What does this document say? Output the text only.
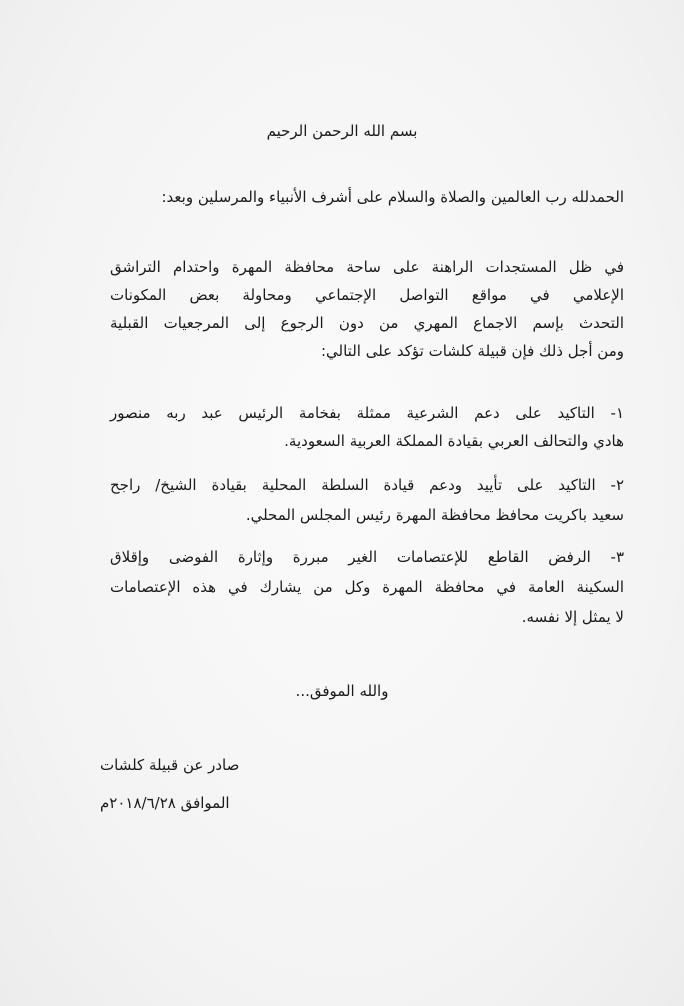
بسم الله الرحمن الرحيم
الحمدلله رب العالمين والصلاة والسلام على أشرف الأنبياء والمرسلين وبعد:
في ظل المستجدات الراهنة على ساحة محافظة المهرة واحتدام التراشق
الإعلامي في مواقع التواصل الإجتماعي ومحاولة بعض المكونات
التحدث بإسم الاجماع المهري من دون الرجوع إلى المرجعيات القبلية
ومن أجل ذلك فإن قبيلة كلشات تؤكد على التالي:
١- التاكيد على دعم الشرعية ممثلة بفخامة الرئيس عبد ربه منصور
هادي والتحالف العربي بقيادة المملكة العربية السعودية.
٢- التاكيد على تأييد ودعم قيادة السلطة المحلية بقيادة الشيخ/ راجح
سعيد باكريت محافظ محافظة المهرة رئيس المجلس المحلي.
٣- الرفض القاطع للإعتصامات الغير مبررة وإثارة الفوضى وإقلاق
السكينة العامة في محافظة المهرة وكل من يشارك في هذه الإعتصامات
لا يمثل إلا نفسه.
والله الموفق...
صادر عن قبيلة كلشات
الموافق ٢٠١٨/٦/٢٨م
